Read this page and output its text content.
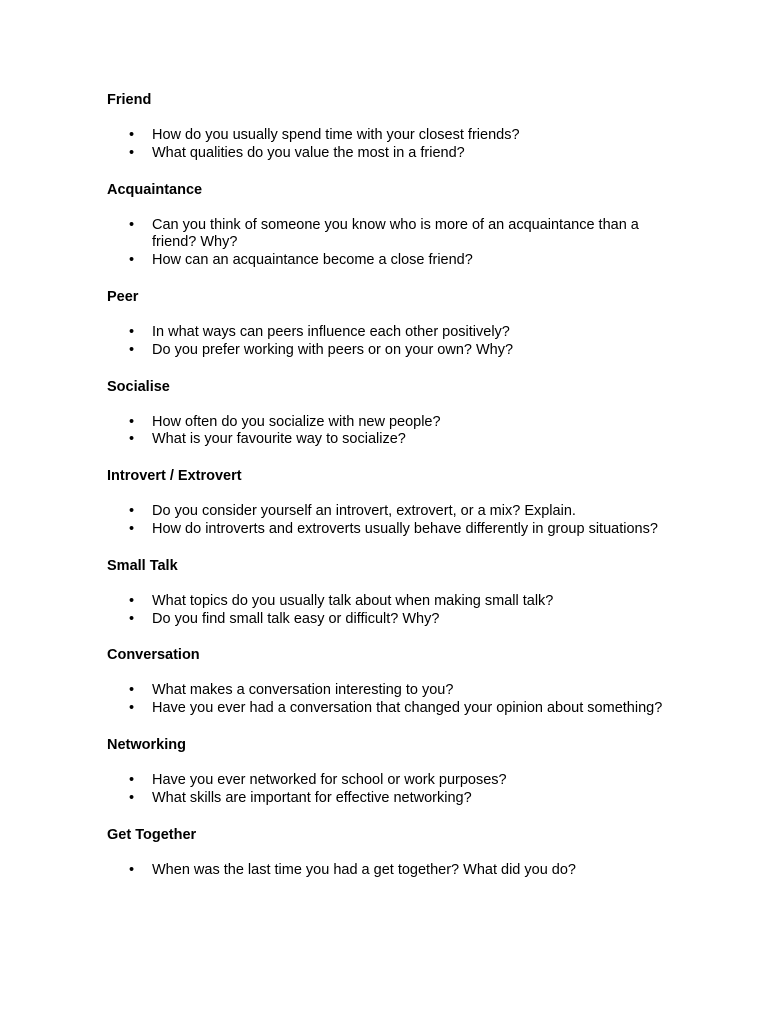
Friend
•	How do you usually spend time with your closest friends?
•	What qualities do you value the most in a friend?
Acquaintance
•	Can you think of someone you know who is more of an acquaintance than a friend? Why?
•	How can an acquaintance become a close friend?
Peer
•	In what ways can peers influence each other positively?
•	Do you prefer working with peers or on your own? Why?
Socialise
•	How often do you socialize with new people?
•	What is your favourite way to socialize?
Introvert / Extrovert
•	Do you consider yourself an introvert, extrovert, or a mix? Explain.
•	How do introverts and extroverts usually behave differently in group situations?
Small Talk
•	What topics do you usually talk about when making small talk?
•	Do you find small talk easy or difficult? Why?
Conversation
•	What makes a conversation interesting to you?
•	Have you ever had a conversation that changed your opinion about something?
Networking
•	Have you ever networked for school or work purposes?
•	What skills are important for effective networking?
Get Together
•	When was the last time you had a get together? What did you do?
